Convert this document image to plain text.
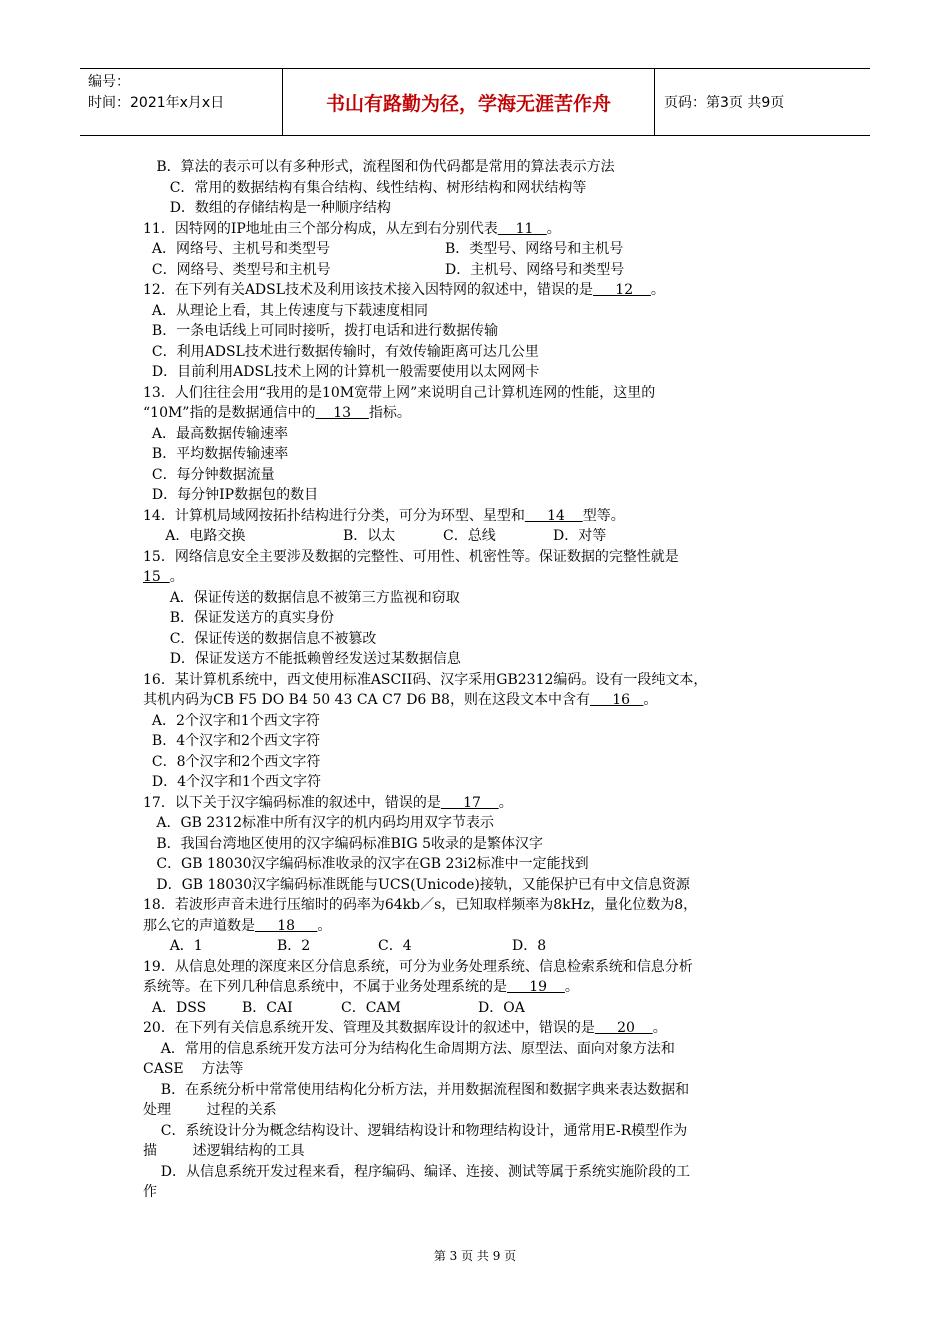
编号：
时间：2021年x月x日	书山有路勤为径，学海无涯苦作舟	页码：第3页 共9页
B．算法的表示可以有多种形式，流程图和伪代码都是常用的算法表示方法
C．常用的数据结构有集合结构、线性结构、树形结构和网状结构等
D．数组的存储结构是一种顺序结构
11．因特网的IP地址由三个部分构成，从左到右分别代表    11   。
A．网络号、主机号和类型号	B．类型号、网络号和主机号
C．网络号、类型号和主机号	D．主机号、网络号和类型号
12．在下列有关ADSL技术及利用该技术接入因特网的叙述中，错误的是     12    。
A．从理论上看，其上传速度与下载速度相同
B．一条电话线上可同时接听，拨打电话和进行数据传输
C．利用ADSL技术进行数据传输时，有效传输距离可达几公里
D．目前利用ADSL技术上网的计算机一般需要使用以太网网卡
13．人们往往会用“我用的是10M宽带上网”来说明自己计算机连网的性能，这里的
“10M”指的是数据通信中的    13    指标。
A．最高数据传输速率
B．平均数据传输速率
C．每分钟数据流量
D．每分钟IP数据包的数目
14．计算机局域网按拓扑结构进行分类，可分为环型、星型和     14    型等。
A．电路交换	B．以太	C．总线	D．对等
15．网络信息安全主要涉及数据的完整性、可用性、机密性等。保证数据的完整性就是
15  。
A．保证传送的数据信息不被第三方监视和窃取
B．保证发送方的真实身份
C．保证传送的数据信息不被篡改
D．保证发送方不能抵赖曾经发送过某数据信息
16．某计算机系统中，西文使用标准ASCII码、汉字采用GB2312编码。设有一段纯文本，
其机内码为CB F5 DO B4 50 43 CA C7 D6 B8，则在这段文本中含有     16   。
A．2个汉字和1个西文字符
B．4个汉字和2个西文字符
C．8个汉字和2个西文字符
D．4个汉字和1个西文字符
17．以下关于汉字编码标准的叙述中，错误的是     17    。
A．GB 2312标准中所有汉字的机内码均用双字节表示
B．我国台湾地区使用的汉字编码标准BIG 5收录的是繁体汉字
C．GB 18030汉字编码标准收录的汉字在GB 23i2标准中一定能找到
D．GB 18030汉字编码标准既能与UCS(Unicode)接轨，又能保护已有中文信息资源
18．若波形声音未进行压缩时的码率为64kb／s，已知取样频率为8kHz，量化位数为8，
那么它的声道数是     18     。
A．1	B．2	C．4	D．8
19．从信息处理的深度来区分信息系统，可分为业务处理系统、信息检索系统和信息分析
系统等。在下列几种信息系统中，不属于业务处理系统的是     19    。
A．DSS	B．CAI	C．CAM	D．OA
20．在下列有关信息系统开发、管理及其数据库设计的叙述中，错误的是     20    。
A．常用的信息系统开发方法可分为结构化生命周期方法、原型法、面向对象方法和
CASE    方法等
B．在系统分析中常常使用结构化分析方法，并用数据流程图和数据字典来表达数据和
处理        过程的关系
C．系统设计分为概念结构设计、逻辑结构设计和物理结构设计，通常用E-R模型作为
描        述逻辑结构的工具
D．从信息系统开发过程来看，程序编码、编译、连接、测试等属于系统实施阶段的工
作
第 3 页 共 9 页
